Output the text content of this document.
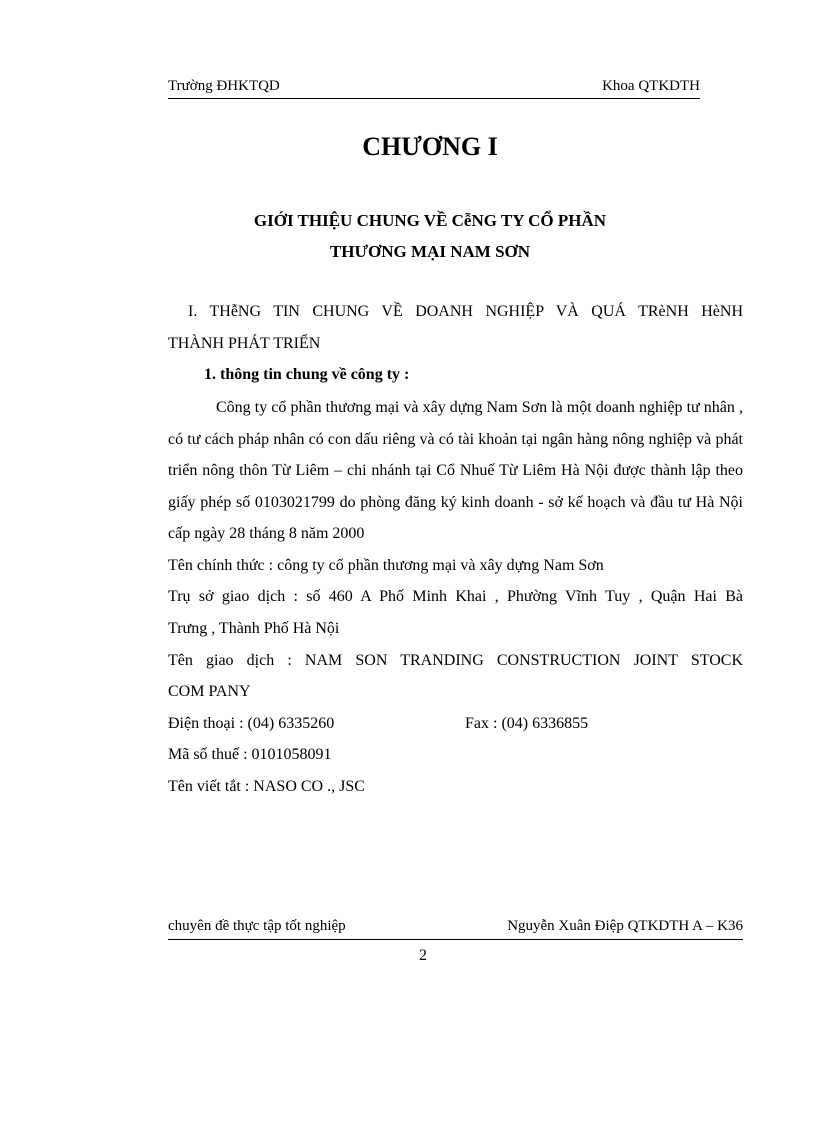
Trường ĐHKTQD	Khoa QTKDTH
CHƯƠNG I
GIỚI THIỆU CHUNG VỀ CễNG TY CỔ PHẦN
THƯƠNG MẠI NAM SƠN
I. THễNG TIN CHUNG VỀ DOANH NGHIỆP VÀ QUÁ TRèNH HèNH
THÀNH PHÁT TRIỂN
1. thông tin chung về công ty :
Công ty cổ phần thương mại và xây dựng Nam Sơn là một doanh nghiệp tư nhân , có tư cách pháp nhân có con dấu riêng và có tài khoản tại ngân hàng nông nghiệp và phát triển nông thôn Từ Liêm – chi nhánh tại Cổ Nhuế Từ Liêm Hà Nội được thành lập theo giấy phép số 0103021799 do phòng đăng ký kinh doanh - sở kế hoạch và đầu tư Hà Nội cấp ngày 28 tháng 8 năm 2000
Tên chính thức : công ty cổ phần thương mại và xây dựng Nam Sơn
Trụ sở giao dịch : số 460 A Phố Minh Khai , Phường Vĩnh Tuy , Quận Hai Bà
Trưng , Thành Phố Hà Nội
Tên giao dịch : NAM SON TRANDING CONSTRUCTION JOINT STOCK
COM PANY
Điện thoại : (04) 6335260	Fax : (04) 6336855
Mã số thuế : 0101058091
Tên viết tắt : NASO CO ., JSC
chuyên đề thực tập tốt nghiệp	Nguyễn Xuân Điệp QTKDTH A – K36
2
